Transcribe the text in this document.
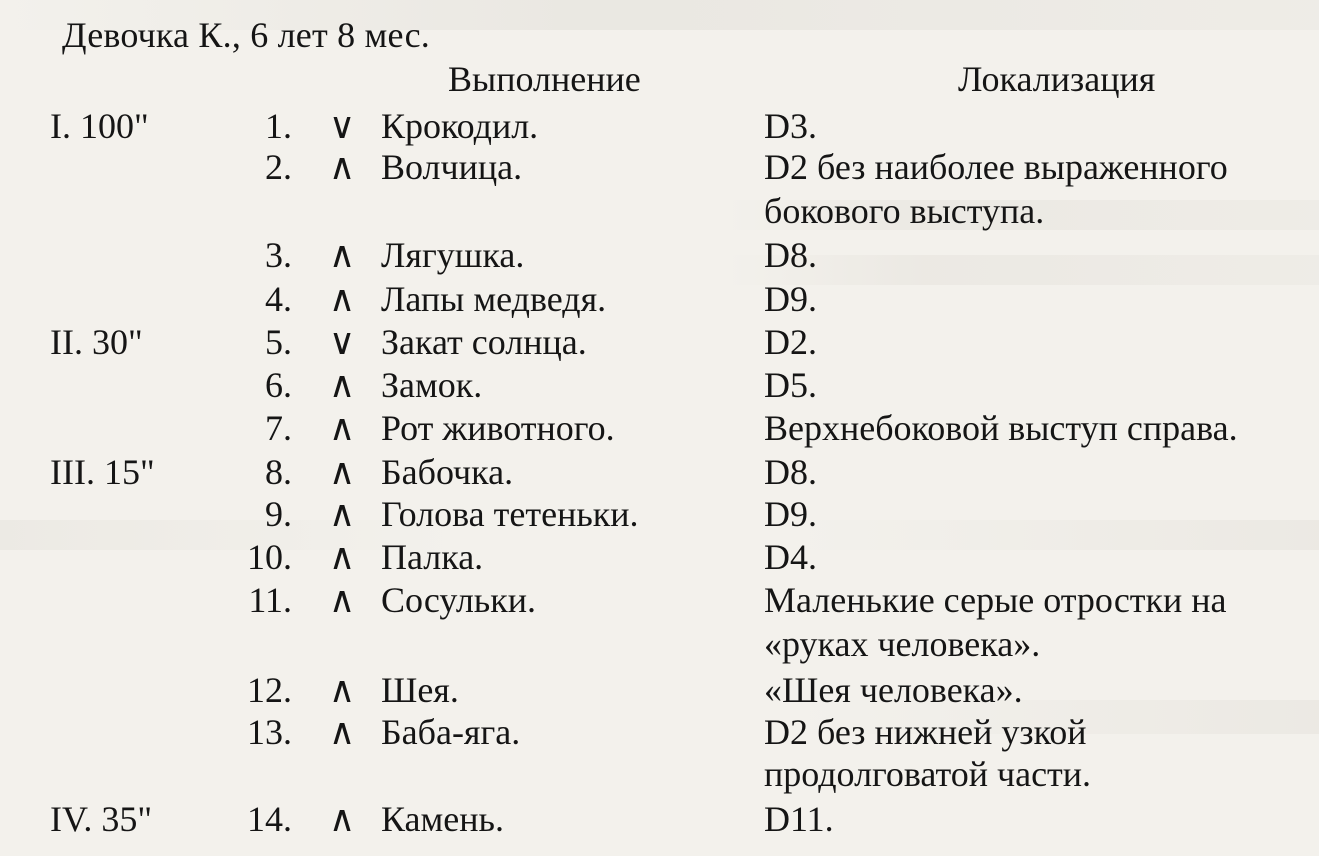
Девочка К., 6 лет 8 мес.
Выполнение	Локализация
I. 100"	1. ∨ Крокодил.	D3.
2. ∧ Волчица.	D2 без наиболее выраженного
бокового выступа.
3. ∧ Лягушка.	D8.
4. ∧ Лапы медведя.	D9.
II. 30"	5. ∨ Закат солнца.	D2.
6. ∧ Замок.	D5.
7. ∧ Рот животного.	Верхнебоковой выступ справа.
III. 15"	8. ∧ Бабочка.	D8.
9. ∧ Голова тетеньки.	D9.
10. ∧ Палка.	D4.
11. ∧ Сосульки.	Маленькие серые отростки на
«руках человека».
12. ∧ Шея.	«Шея человека».
13. ∧ Баба-яга.	D2 без нижней узкой
продолговатой части.
IV. 35"	14. ∧ Камень.	D11.
